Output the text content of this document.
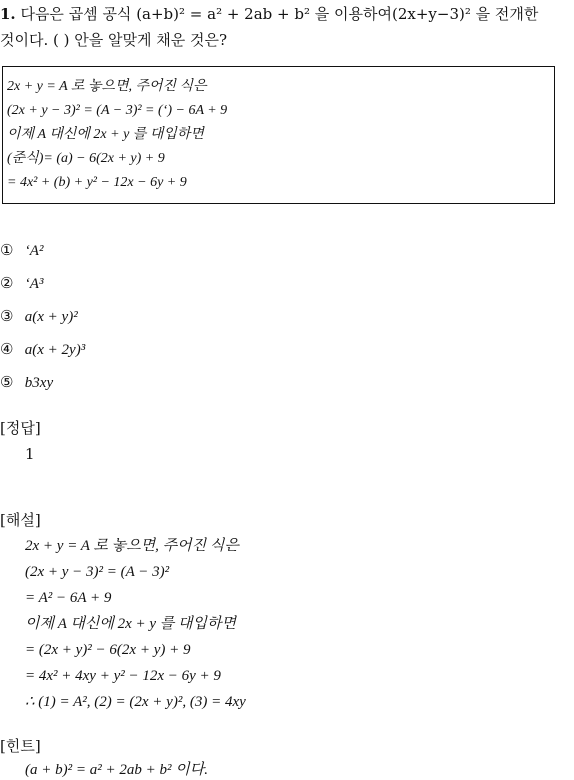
1. 다음은 곱셈 공식 (a+b)² = a² + 2ab + b² 을 이용하여(2x+y−3)² 을 전개한
것이다. ( ) 안을 알맞게 채운 것은?
2x + y = A 로 놓으면, 주어진 식은
(2x + y − 3)² = (A − 3)² = (‘) − 6A + 9
이제 A 대신에 2x + y 를 대입하면
(준식)= (a) − 6(2x + y) + 9
= 4x² + (b) + y² − 12x − 6y + 9
① ‘A²
② ‘A³
③ a(x + y)²
④ a(x + 2y)³
⑤ b3xy
[정답]
1
[해설]
2x + y = A 로 놓으면, 주어진 식은
(2x + y − 3)² = (A − 3)²
= A² − 6A + 9
이제 A 대신에 2x + y 를 대입하면
= (2x + y)² − 6(2x + y) + 9
= 4x² + 4xy + y² − 12x − 6y + 9
∴ (1) = A², (2) = (2x + y)², (3) = 4xy
[힌트]
(a + b)² = a² + 2ab + b² 이다.
